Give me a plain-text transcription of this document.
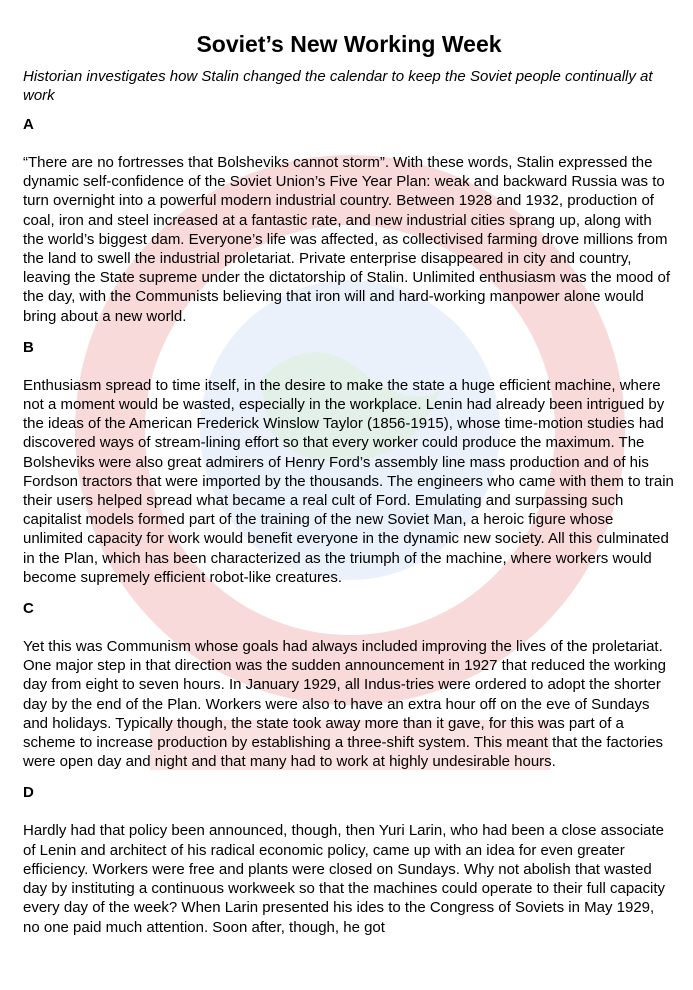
Soviet’s New Working Week

Historian investigates how Stalin changed the calendar to keep the Soviet people continually at work

A

“There are no fortresses that Bolsheviks cannot storm”. With these words, Stalin expressed the dynamic self-confidence of the Soviet Union’s Five Year Plan: weak and backward Russia was to turn overnight into a powerful modern industrial country. Between 1928 and 1932, production of coal, iron and steel increased at a fantastic rate, and new industrial cities sprang up, along with the world’s biggest dam. Everyone’s life was affected, as collectivised farming drove millions from the land to swell the industrial proletariat. Private enterprise disappeared in city and country, leaving the State supreme under the dictatorship of Stalin. Unlimited enthusiasm was the mood of the day, with the Communists believing that iron will and hard-working manpower alone would bring about a new world.

B

Enthusiasm spread to time itself, in the desire to make the state a huge efficient machine, where not a moment would be wasted, especially in the workplace. Lenin had already been intrigued by the ideas of the American Frederick Winslow Taylor (1856-1915), whose time-motion studies had discovered ways of stream-lining effort so that every worker could produce the maximum. The Bolsheviks were also great admirers of Henry Ford’s assembly line mass production and of his Fordson tractors that were imported by the thousands. The engineers who came with them to train their users helped spread what became a real cult of Ford. Emulating and surpassing such capitalist models formed part of the training of the new Soviet Man, a heroic figure whose unlimited capacity for work would benefit everyone in the dynamic new society. All this culminated in the Plan, which has been characterized as the triumph of the machine, where workers would become supremely efficient robot-like creatures.

C

Yet this was Communism whose goals had always included improving the lives of the proletariat. One major step in that direction was the sudden announcement in 1927 that reduced the working day from eight to seven hours. In January 1929, all Indus-tries were ordered to adopt the shorter day by the end of the Plan. Workers were also to have an extra hour off on the eve of Sundays and holidays. Typically though, the state took away more than it gave, for this was part of a scheme to increase production by establishing a three-shift system. This meant that the factories were open day and night and that many had to work at highly undesirable hours.

D

Hardly had that policy been announced, though, then Yuri Larin, who had been a close associate of Lenin and architect of his radical economic policy, came up with an idea for even greater efficiency. Workers were free and plants were closed on Sundays. Why not abolish that wasted day by instituting a continuous workweek so that the machines could operate to their full capacity every day of the week? When Larin presented his ides to the Congress of Soviets in May 1929, no one paid much attention. Soon after, though, he got
